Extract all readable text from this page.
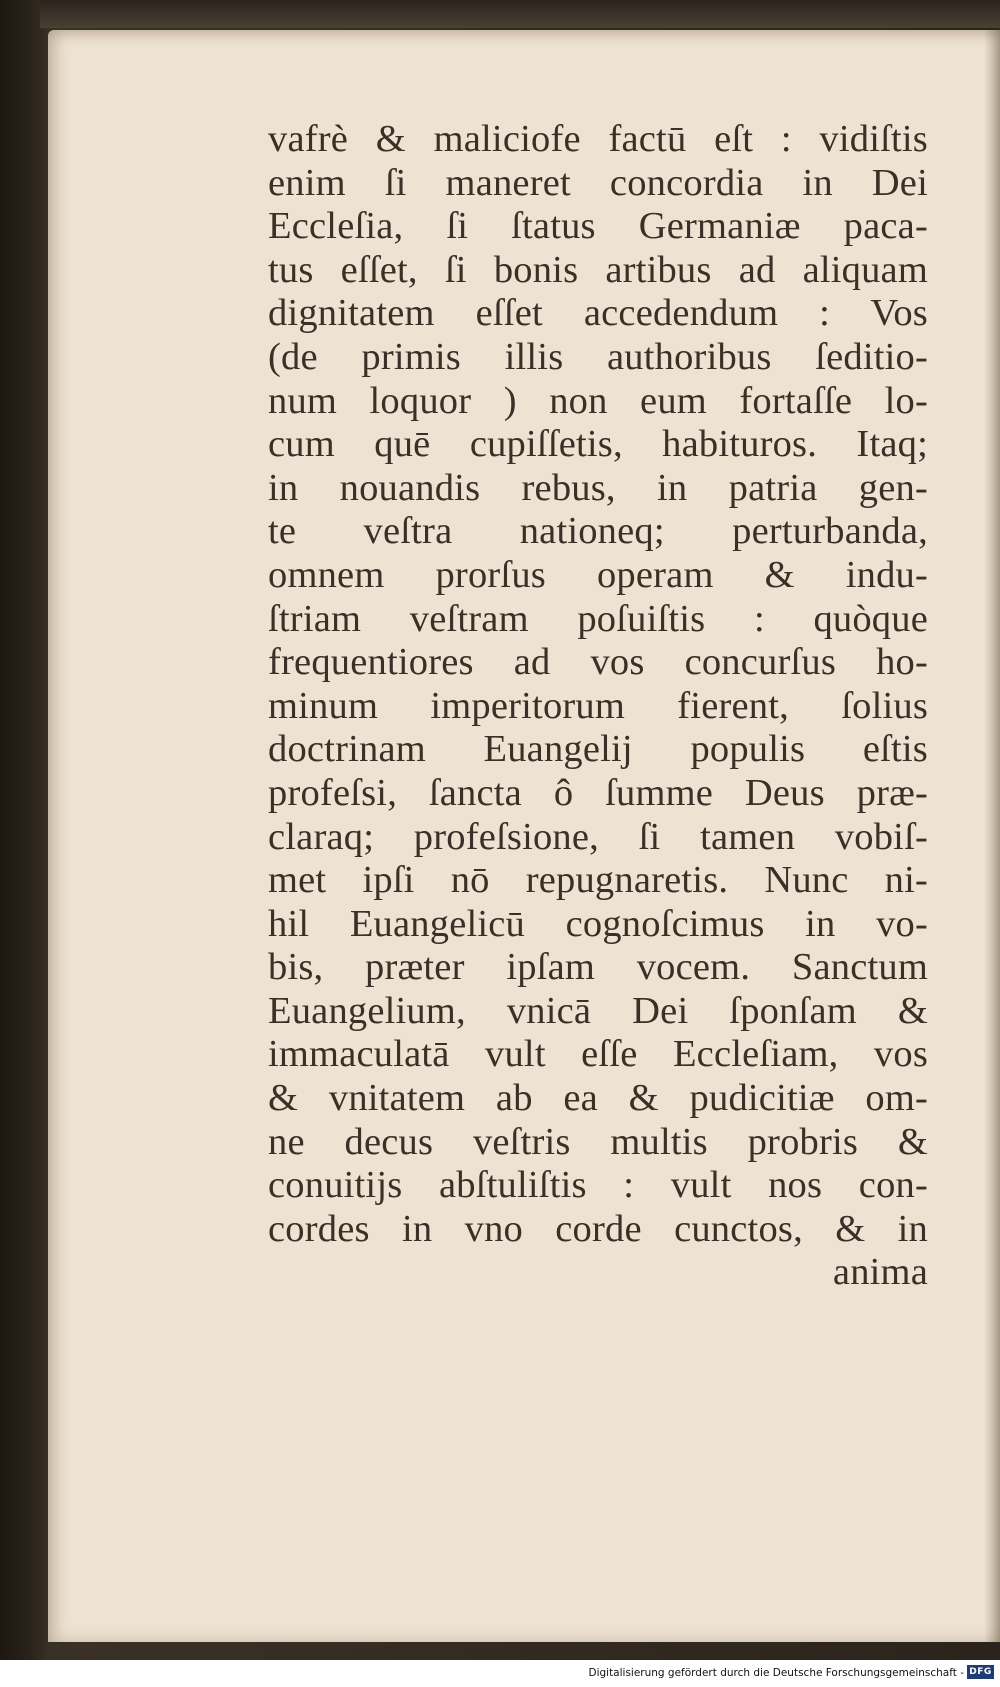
vafrè & maliciofe factū eſt : vidiſtis
enim ſi maneret concordia in Dei
Eccleſia, ſi ſtatus Germaniæ paca-
tus eſſet, ſi bonis artibus ad aliquam
dignitatem eſſet accedendum : Vos
(de primis illis authoribus ſeditio-
num loquor ) non eum fortaſſe lo-
cum quē cupiſſetis, habituros. Itaq;
in nouandis rebus, in patria gen-
te veſtra nationeq; perturbanda,
omnem prorſus operam & indu-
ſtriam veſtram poſuiſtis : quòque
frequentiores ad vos concurſus ho-
minum imperitorum fierent, ſolius
doctrinam Euangelij populis eſtis
profeſsi, ſancta ô ſumme Deus præ-
claraq; profeſsione, ſi tamen vobiſ-
met ipſi nō repugnaretis. Nunc ni-
hil Euangelicū cognoſcimus in vo-
bis, præter ipſam vocem. Sanctum
Euangelium, vnicā Dei ſponſam &
immaculatā vult eſſe Eccleſiam, vos
& vnitatem ab ea & pudicitiæ om-
ne decus veſtris multis probris &
conuitijs abſtuliſtis : vult nos con-
cordes in vno corde cunctos, & in
anima
Digitalisierung gefördert durch die Deutsche Forschungsgemeinschaft - DFG
